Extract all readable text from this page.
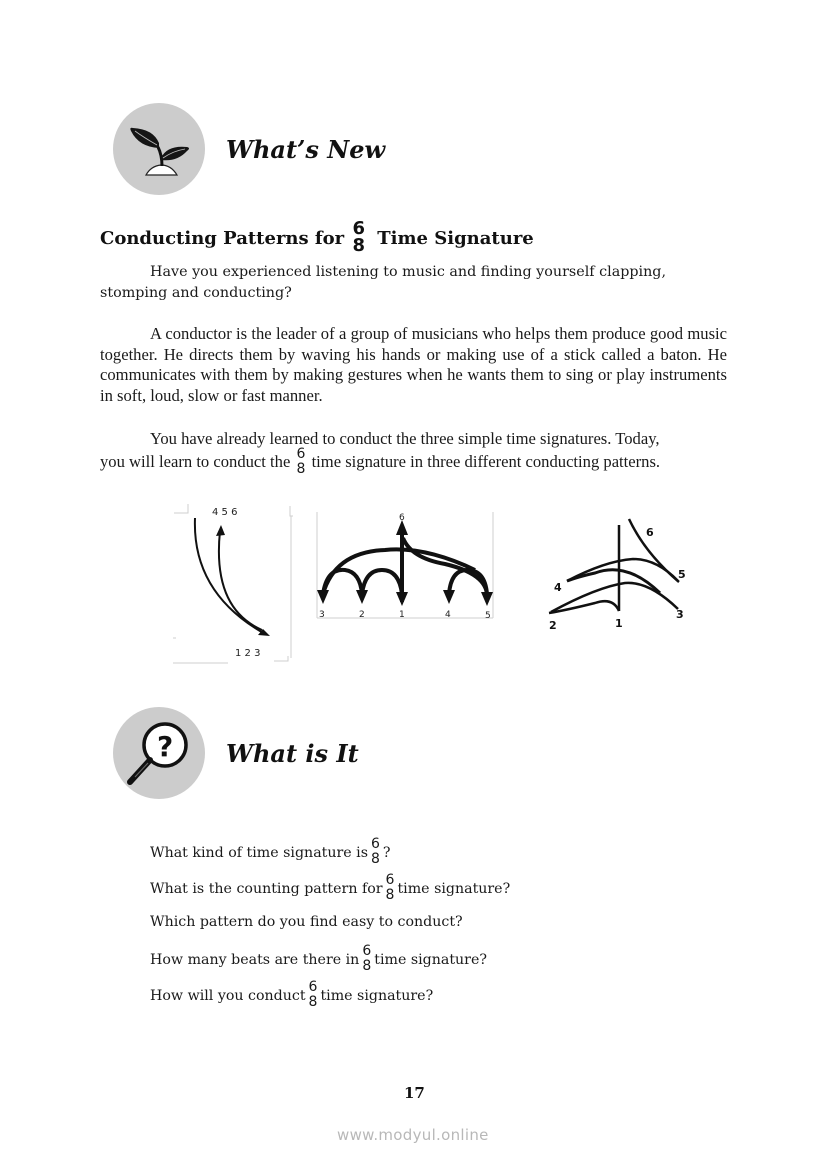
What’s New
Conducting Patterns for 6
8 Time Signature
Have you experienced listening to music and finding yourself clapping, stomping and conducting?
A conductor is the leader of a group of musicians who helps them produce good music together. He directs them by waving his hands or making use of a stick called a baton. He communicates with them by making gestures when he wants them to sing or play instruments in soft, loud, slow or fast manner.
You have already learned to conduct the three simple time signatures. Today,
you will learn to conduct the 6
8 time signature in three different conducting patterns.
4 5 6
1 2 3
6
3	2	1	4	5
1
2
3
4
5
6
? What is It
What kind of time signature is
6
8 ?
What is the counting pattern for
6
8 time signature?
Which pattern do you find easy to conduct?
How many beats are there in
6
8 time signature?
How will you conduct
6
8 time signature?
17
www.modyul.online
